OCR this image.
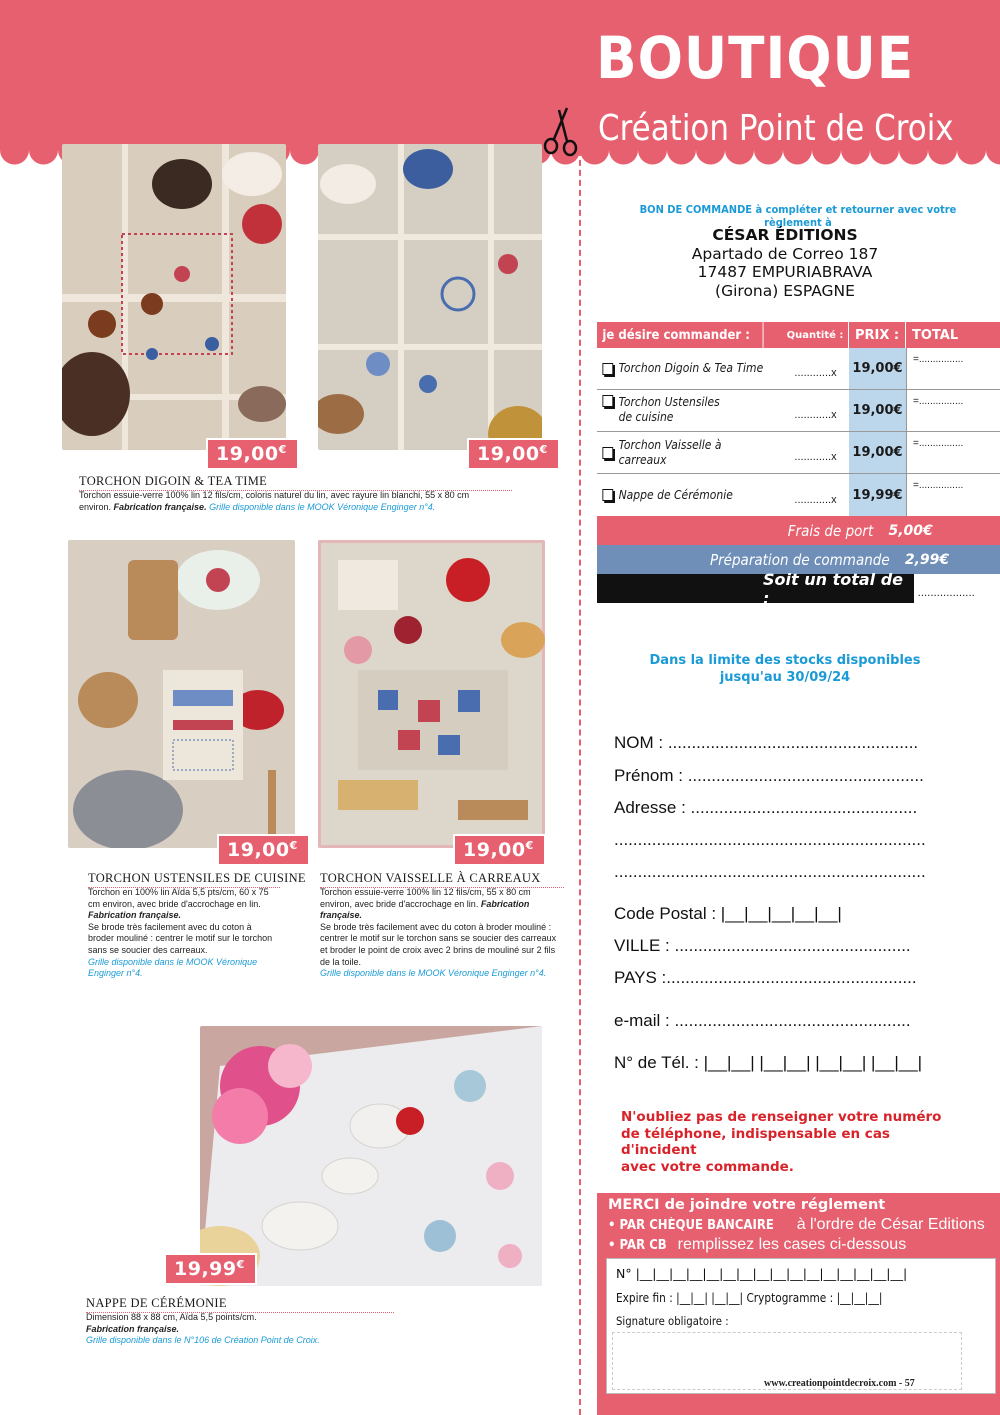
BOUTIQUE
Création Point de Croix
19,00€	19,00€
TORCHON DIGOIN & TEA TIME
Torchon essuie-verre 100% lin 12 fils/cm, coloris naturel du lin, avec rayure lin blanchi, 55 x 80 cm environ. Fabrication française. Grille disponible dans le MOOK Véronique Enginger n°4.
19,00€	19,00€
TORCHON USTENSILES DE CUISINE
Torchon en 100% lin Aïda 5,5 pts/cm, 60 x 75 cm environ, avec bride d'accrochage en lin. Fabrication française.
Se brode très facilement avec du coton à broder mouliné : centrer le motif sur le torchon sans se soucier des carreaux.
Grille disponible dans le MOOK Véronique Enginger n°4.
TORCHON VAISSELLE À CARREAUX
Torchon essuie-verre 100% lin 12 fils/cm, 55 x 80 cm environ, avec bride d'accrochage en lin. Fabrication française.
Se brode très facilement avec du coton à broder mouliné : centrer le motif sur le torchon sans se soucier des carreaux et broder le point de croix avec 2 brins de mouliné sur 2 fils de la toile.
Grille disponible dans le MOOK Véronique Enginger n°4.
19,99€
NAPPE DE CÉRÉMONIE
Dimension 88 x 88 cm, Aïda 5,5 points/cm.
Fabrication française.
Grille disponible dans le N°106 de Création Point de Croix.
BON DE COMMANDE à compléter et retourner avec votre règlement à
CÉSAR ÉDITIONS
Apartado de Correo 187
17487 EMPURIABRAVA
(Girona) ESPAGNE
je désire commander :	Quantité : PRIX : TOTAL
Torchon Digoin & Tea Time	............x	19,00€
=................
Torchon Ustensiles
de cuisine	............x	19,00€
=................
Torchon Vaisselle à carreaux	............x	19,00€
=................
Nappe de Cérémonie	............x	19,99€
=................
Frais de port
5,00€
Préparation de commande
2,99€
Soit un total de :	..................
Dans la limite des stocks disponibles
jusqu'au 30/09/24
NOM : .....................................................
Prénom : ..................................................
Adresse : ................................................
..................................................................
..................................................................
Code Postal : |__|__|__|__|__|
VILLE : ..................................................
PAYS :.....................................................
e-mail : ..................................................
N° de Tél. : |__|__| |__|__| |__|__| |__|__|
N'oubliez pas de renseigner votre numéro
de téléphone, indispensable en cas d'incident
avec votre commande.
MERCI de joindre votre réglement
• PAR CHÈQUE BANCAIRE à l'ordre de César Editions
• PAR CB remplissez les cases ci-dessous
N° |__|__|__|__|__|__|__|__|__|__|__|__|__|__|__|__|
Expire fin : |__|__| |__|__| Cryptogramme : |__|__|__|
Signature obligatoire :
www.creationpointdecroix.com - 57
